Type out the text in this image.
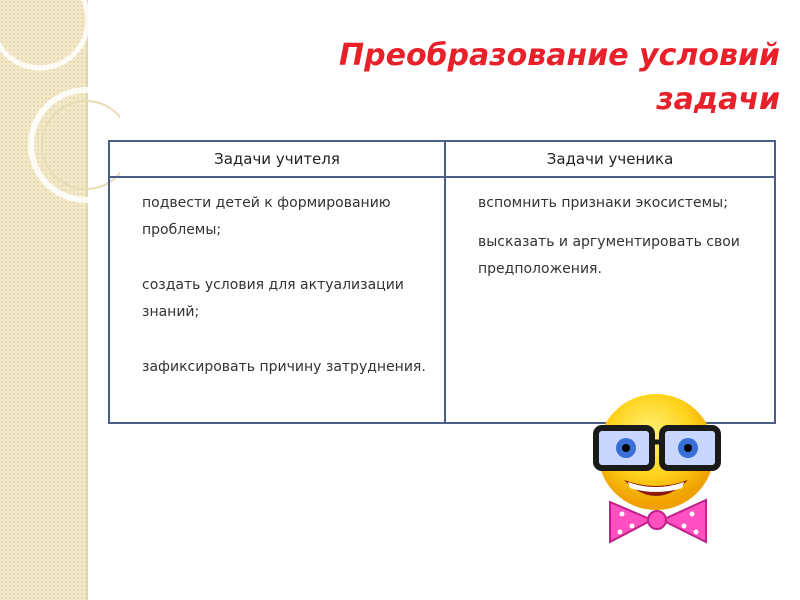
Преобразование условий задачи
Задачи учителя	Задачи ученика
подвести детей к формированию проблемы;
создать условия для актуализации знаний;
зафиксировать причину затруднения.
вспомнить признаки экосистемы;
высказать и аргументировать свои предположения.
